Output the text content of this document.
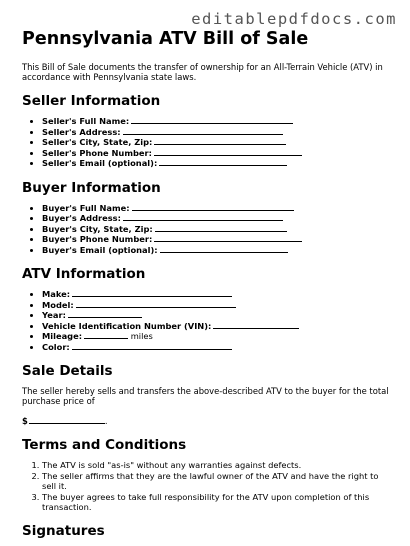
editablepdfdocs.com
Pennsylvania ATV Bill of Sale

This Bill of Sale documents the transfer of ownership for an All-Terrain Vehicle (ATV) in accordance with Pennsylvania state laws.

Seller Information
• Seller's Full Name:
• Seller's Address:
• Seller's City, State, Zip:
• Seller's Phone Number:
• Seller's Email (optional):
Buyer Information
• Buyer's Full Name:
• Buyer's Address:
• Buyer's City, State, Zip:
• Buyer's Phone Number:
• Buyer's Email (optional):
ATV Information
• Make:
• Model:
• Year:
• Vehicle Identification Number (VIN):
• Mileage:	miles
• Color:
Sale Details

The seller hereby sells and transfers the above-described ATV to the buyer for the total purchase price of

$	.
Terms and Conditions
1. The ATV is sold "as-is" without any warranties against defects.
2. The seller affirms that they are the lawful owner of the ATV and have the right to sell it.
3. The buyer agrees to take full responsibility for the ATV upon completion of this transaction.
Signatures
